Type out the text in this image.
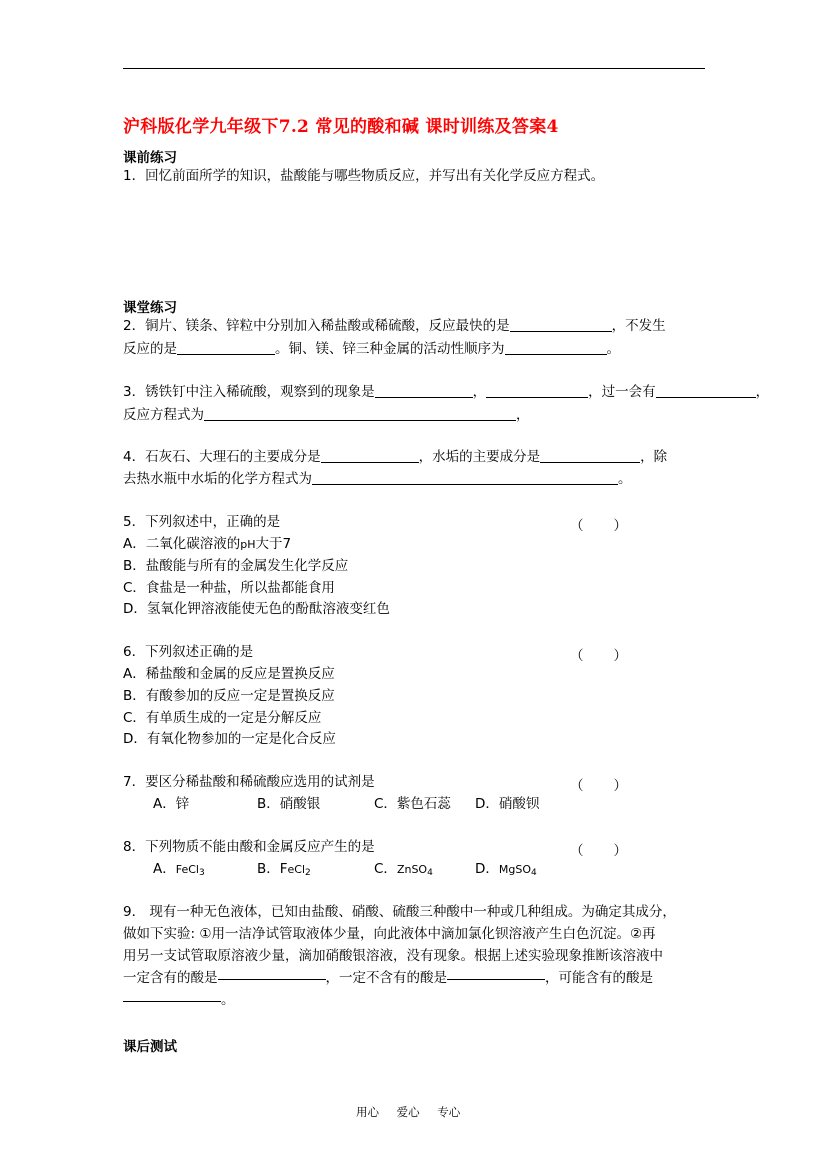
沪科版化学九年级下7.2 常见的酸和碱 课时训练及答案4
课前练习
1．回忆前面所学的知识，盐酸能与哪些物质反应，并写出有关化学反应方程式。
课堂练习
2．铜片、镁条、锌粒中分别加入稀盐酸或稀硫酸，反应最快的是	，不发生
反应的是	。铜、镁、锌三种金属的活动性顺序为	。
3．锈铁钉中注入稀硫酸，观察到的现象是	，	，过一会有	，
反应方程式为	，
4．石灰石、大理石的主要成分是	，水垢的主要成分是	，除
去热水瓶中水垢的化学方程式为	。
5．下列叙述中，正确的是	（　　）
A．二氧化碳溶液的pH大于7
B．盐酸能与所有的金属发生化学反应
C．食盐是一种盐，所以盐都能食用
D．氢氧化钾溶液能使无色的酚酞溶液变红色
6．下列叙述正确的是	（　　）
A．稀盐酸和金属的反应是置换反应
B．有酸参加的反应一定是置换反应
C．有单质生成的一定是分解反应
D．有氧化物参加的一定是化合反应
7．要区分稀盐酸和稀硫酸应选用的试剂是	（　　）
A．锌	B．硝酸银	C．紫色石蕊 D．硝酸钡
8．下列物质不能由酸和金属反应产生的是	（　　）
A．FeCl3	B．FeCl2	C．ZnSO4	D．MgSO4
9． 现有一种无色液体，已知由盐酸、硝酸、硫酸三种酸中一种或几种组成。为确定其成分，
做如下实验: ①用一洁净试管取液体少量，向此液体中滴加氯化钡溶液产生白色沉淀。②再
用另一支试管取原溶液少量，滴加硝酸银溶液，没有现象。根据上述实验现象推断该溶液中
一定含有的酸是	，一定不含有的酸是	，可能含有的酸是
。
课后测试
用心 爱心 专心
